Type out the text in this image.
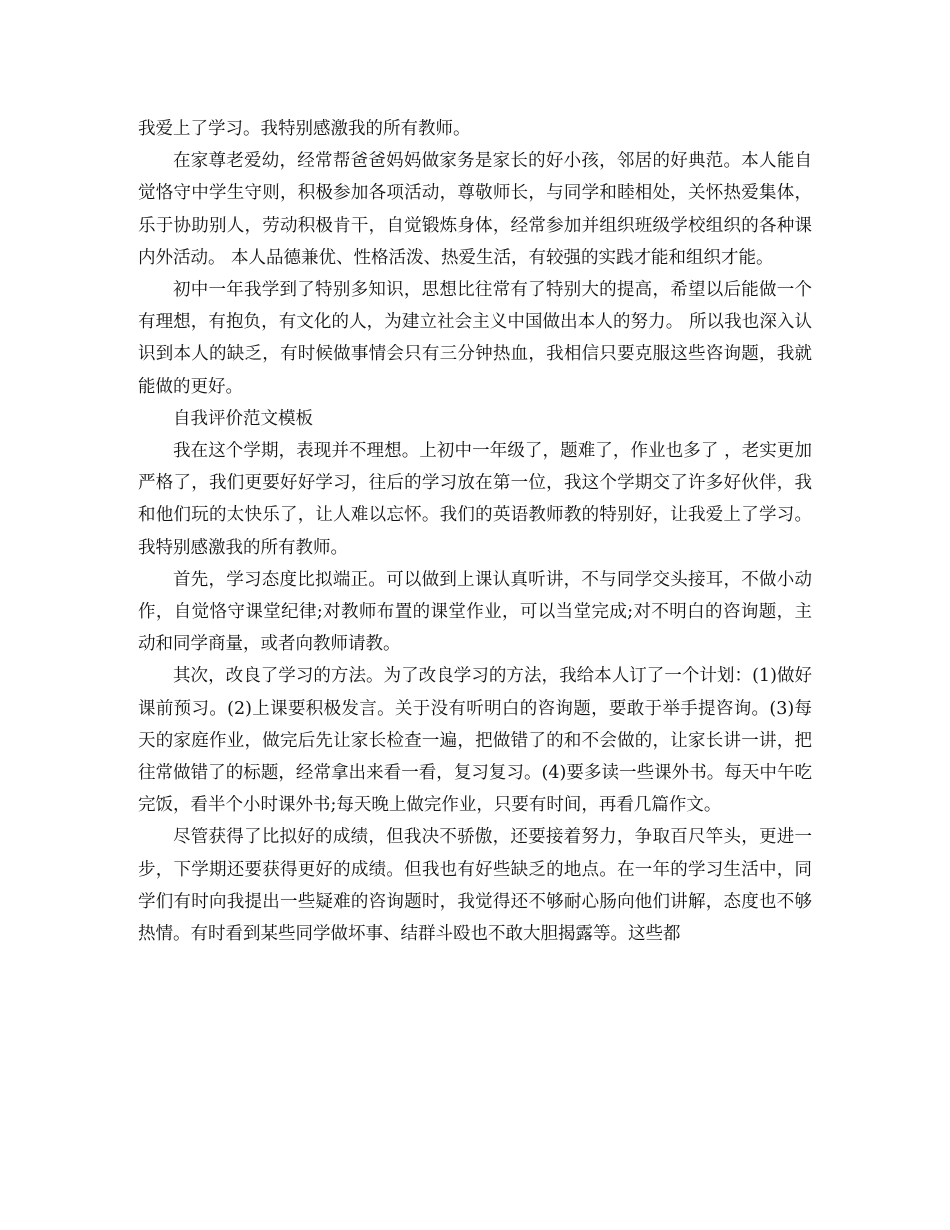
我爱上了学习。我特别感激我的所有教师。

在家尊老爱幼，经常帮爸爸妈妈做家务是家长的好小孩，邻居的好典范。本人能自觉恪守中学生守则，积极参加各项活动，尊敬师长，与同学和睦相处，关怀热爱集体，乐于协助别人，劳动积极肯干，自觉锻炼身体，经常参加并组织班级学校组织的各种课内外活动。 本人品德兼优、性格活泼、热爱生活，有较强的实践才能和组织才能。

初中一年我学到了特别多知识，思想比往常有了特别大的提高，希望以后能做一个有理想，有抱负，有文化的人，为建立社会主义中国做出本人的努力。 所以我也深入认识到本人的缺乏，有时候做事情会只有三分钟热血，我相信只要克服这些咨询题，我就能做的更好。

自我评价范文模板

我在这个学期，表现并不理想。上初中一年级了，题难了，作业也多了 ，老实更加严格了，我们更要好好学习，往后的学习放在第一位，我这个学期交了许多好伙伴，我和他们玩的太快乐了，让人难以忘怀。我们的英语教师教的特别好，让我爱上了学习。我特别感激我的所有教师。

首先，学习态度比拟端正。可以做到上课认真听讲，不与同学交头接耳，不做小动作，自觉恪守课堂纪律;对教师布置的课堂作业，可以当堂完成;对不明白的咨询题，主动和同学商量，或者向教师请教。

其次，改良了学习的方法。为了改良学习的方法，我给本人订了一个计划：(1)做好课前预习。(2)上课要积极发言。关于没有听明白的咨询题，要敢于举手提咨询。(3)每天的家庭作业，做完后先让家长检查一遍，把做错了的和不会做的，让家长讲一讲，把往常做错了的标题，经常拿出来看一看，复习复习。(4)要多读一些课外书。每天中午吃完饭，看半个小时课外书;每天晚上做完作业，只要有时间，再看几篇作文。

尽管获得了比拟好的成绩，但我决不骄傲，还要接着努力，争取百尺竿头，更进一步，下学期还要获得更好的成绩。但我也有好些缺乏的地点。在一年的学习生活中，同学们有时向我提出一些疑难的咨询题时，我觉得还不够耐心肠向他们讲解，态度也不够热情。有时看到某些同学做坏事、结群斗殴也不敢大胆揭露等。这些都
